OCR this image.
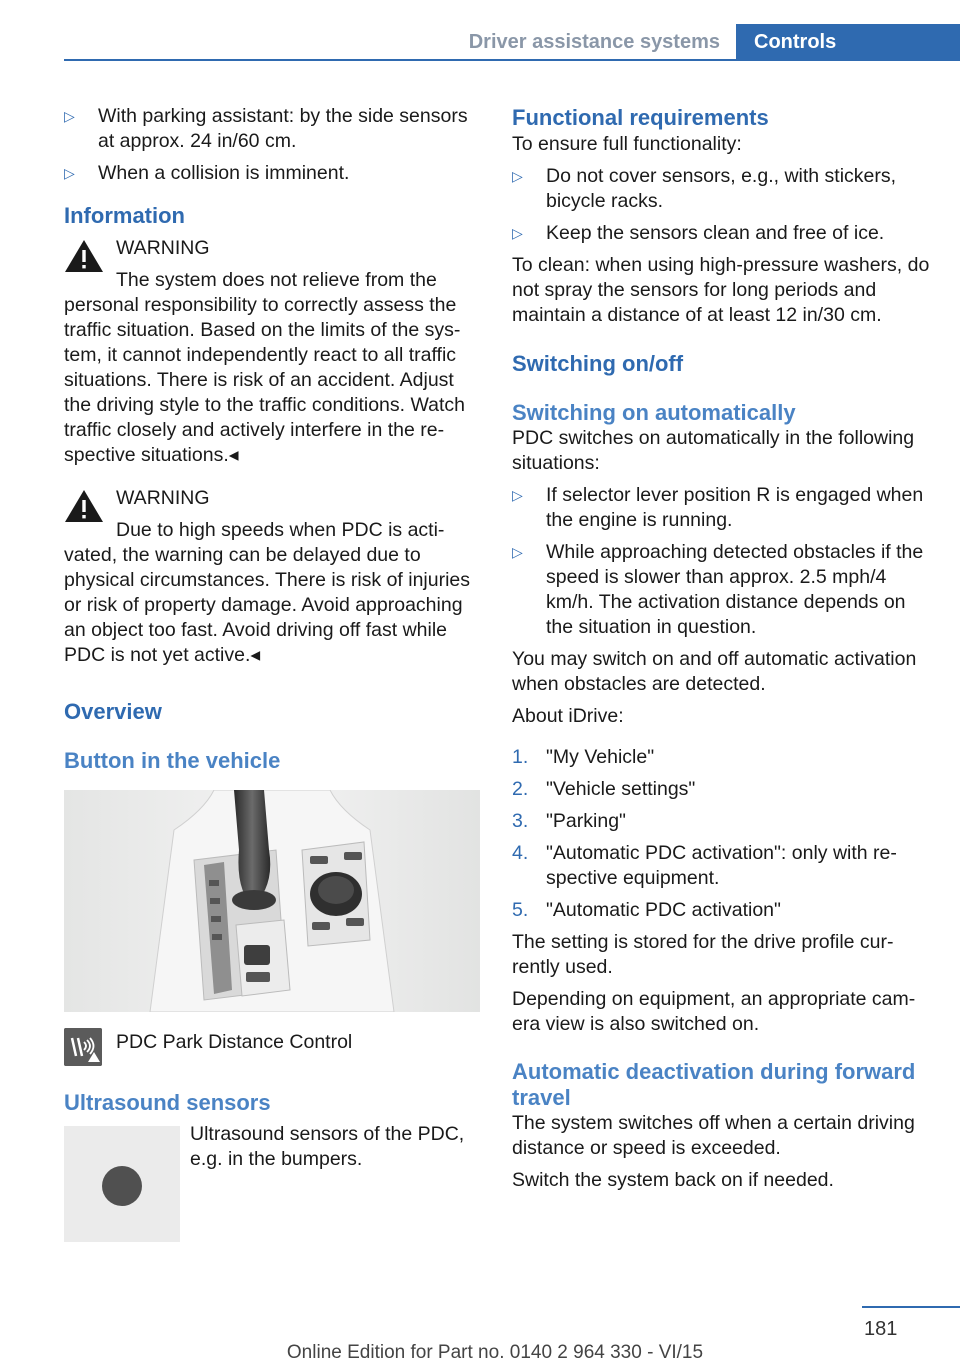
Driver assistance systems	Controls
▷ With parking assistant: by the side sensors at approx. 24 in/60 cm.
▷ When a collision is imminent.
Information
WARNING

The system does not relieve from the personal responsibility to correctly assess the traffic situation. Based on the limits of the sys-tem, it cannot independently react to all traffic situations. There is risk of an accident. Adjust the driving style to the traffic conditions. Watch traffic closely and actively interfere in the re-spective situations.◂

WARNING

Due to high speeds when PDC is acti-vated, the warning can be delayed due to physical circumstances. There is risk of injuries or risk of property damage. Avoid approaching an object too fast. Avoid driving off fast while PDC is not yet active.◂

Overview
Button in the vehicle

PDC Park Distance Control

Ultrasound sensors

Ultrasound sensors of the PDC, e.g. in the bumpers.

Functional requirements

To ensure full functionality:

▷ Do not cover sensors, e.g., with stickers, bicycle racks.
▷ Keep the sensors clean and free of ice.

To clean: when using high-pressure washers, do not spray the sensors for long periods and maintain a distance of at least 12 in/30 cm.

Switching on/off
Switching on automatically

PDC switches on automatically in the following situations:

▷ If selector lever position R is engaged when the engine is running.
▷ While approaching detected obstacles if the speed is slower than approx. 2.5 mph/4 km/h. The activation distance depends on the situation in question.

You may switch on and off automatic activation when obstacles are detected.

About iDrive:

1. "My Vehicle"
2. "Vehicle settings"
3. "Parking"
4. "Automatic PDC activation": only with re-spective equipment.
5. "Automatic PDC activation"

The setting is stored for the drive profile cur-rently used.

Depending on equipment, an appropriate cam-era view is also switched on.

Automatic deactivation during forward travel

The system switches off when a certain driving distance or speed is exceeded.

Switch the system back on if needed.

181
Online Edition for Part no. 0140 2 964 330 - VI/15
